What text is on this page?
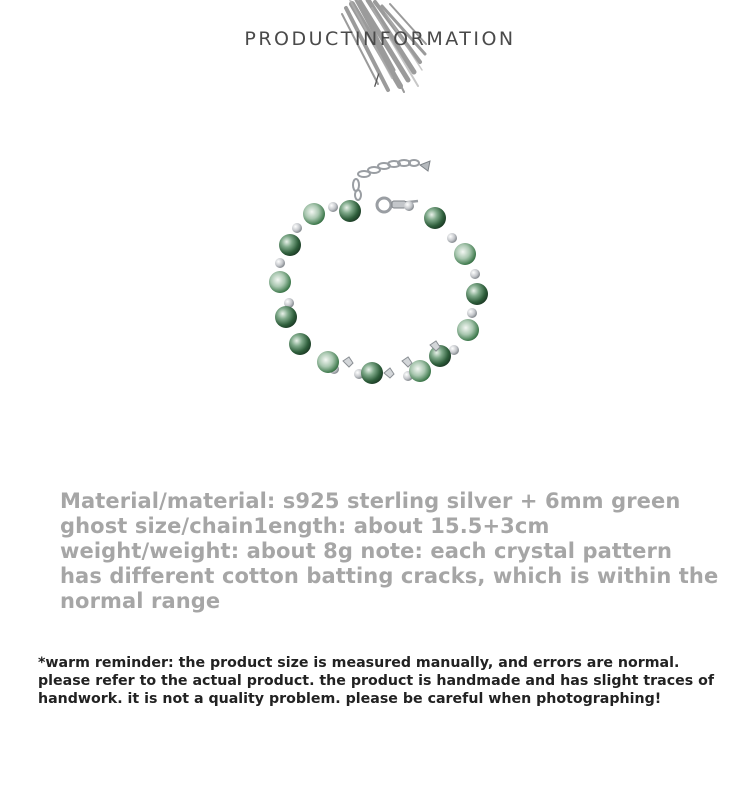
PRODUCTINFORMATION
/
Material/material: s925 sterling silver + 6mm green ghost size/chain1ength: about 15.5+3cm weight/weight: about 8g note: each crystal pattern has different cotton batting cracks, which is within the normal range
*warm reminder: the product size is measured manually, and errors are normal. please refer to the actual product. the product is handmade and has slight traces of handwork. it is not a quality problem. please be careful when photographing!
